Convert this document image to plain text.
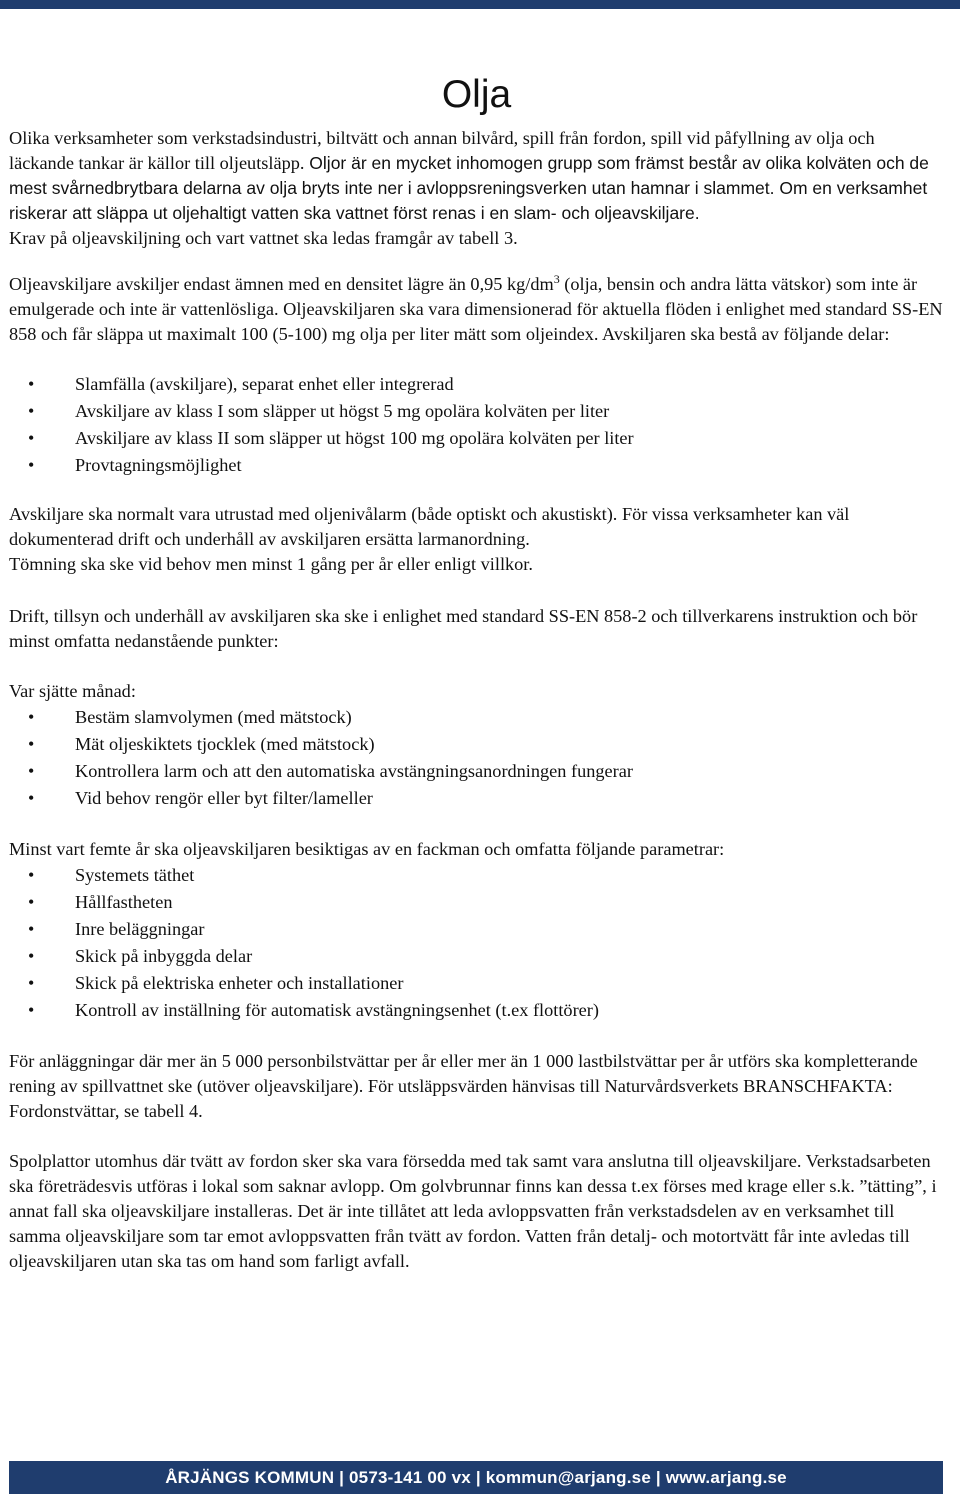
Olja

Olika verksamheter som verkstadsindustri, biltvätt och annan bilvård, spill från fordon, spill vid påfyllning av olja och läckande tankar är källor till oljeutsläpp. Oljor är en mycket inhomogen grupp som främst består av olika kolväten och de mest svårnedbrytbara delarna av olja bryts inte ner i avloppsreningsverken utan hamnar i slammet. Om en verksamhet riskerar att släppa ut oljehaltigt vatten ska vattnet först renas i en slam- och oljeavskiljare.
Krav på oljeavskiljning och vart vattnet ska ledas framgår av tabell 3.

Oljeavskiljare avskiljer endast ämnen med en densitet lägre än 0,95 $kg/dm^3$ (olja, bensin och andra lätta vätskor) som inte är emulgerade och inte är vattenlösliga. Oljeavskiljaren ska vara dimensionerad för aktuella flöden i enlighet med standard SS-EN 858 och får släppa ut maximalt 100 (5-100) mg olja per liter mätt som oljeindex. Avskiljaren ska bestå av följande delar:

• Slamfälla (avskiljare), separat enhet eller integrerad
• Avskiljare av klass I som släpper ut högst 5 mg opolära kolväten per liter
• Avskiljare av klass II som släpper ut högst 100 mg opolära kolväten per liter
• Provtagningsmöjlighet

Avskiljare ska normalt vara utrustad med oljenivålarm (både optiskt och akustiskt). För vissa verksamheter kan väl dokumenterad drift och underhåll av avskiljaren ersätta larmanordning.
Tömning ska ske vid behov men minst 1 gång per år eller enligt villkor.

Drift, tillsyn och underhåll av avskiljaren ska ske i enlighet med standard SS-EN 858-2 och tillverkarens instruktion och bör minst omfatta nedanstående punkter:

Var sjätte månad:

• Bestäm slamvolymen (med mätstock)
• Mät oljeskiktets tjocklek (med mätstock)
• Kontrollera larm och att den automatiska avstängningsanordningen fungerar
• Vid behov rengör eller byt filter/lameller

Minst vart femte år ska oljeavskiljaren besiktigas av en fackman och omfatta följande parametrar:

• Systemets täthet
• Hållfastheten
• Inre beläggningar
• Skick på inbyggda delar
• Skick på elektriska enheter och installationer
• Kontroll av inställning för automatisk avstängningsenhet (t.ex flottörer)

För anläggningar där mer än 5 000 personbilstvättar per år eller mer än 1 000 lastbilstvättar per år utförs ska kompletterande rening av spillvattnet ske (utöver oljeavskiljare). För utsläppsvärden hänvisas till Naturvårdsverkets BRANSCHFAKTA: Fordonstvättar, se tabell 4.

Spolplattor utomhus där tvätt av fordon sker ska vara försedda med tak samt vara anslutna till oljeavskiljare. Verkstadsarbeten ska företrädesvis utföras i lokal som saknar avlopp. Om golvbrunnar finns kan dessa t.ex förses med krage eller s.k. ”tätting”, i annat fall ska oljeavskiljare installeras. Det är inte tillåtet att leda avloppsvatten från verkstadsdelen av en verksamhet till samma oljeavskiljare som tar emot avloppsvatten från tvätt av fordon. Vatten från detalj- och motortvätt får inte avledas till oljeavskiljaren utan ska tas om hand som farligt avfall.

ÅRJÄNGS KOMMUN | 0573-141 00 vx | kommun@arjang.se | www.arjang.se
